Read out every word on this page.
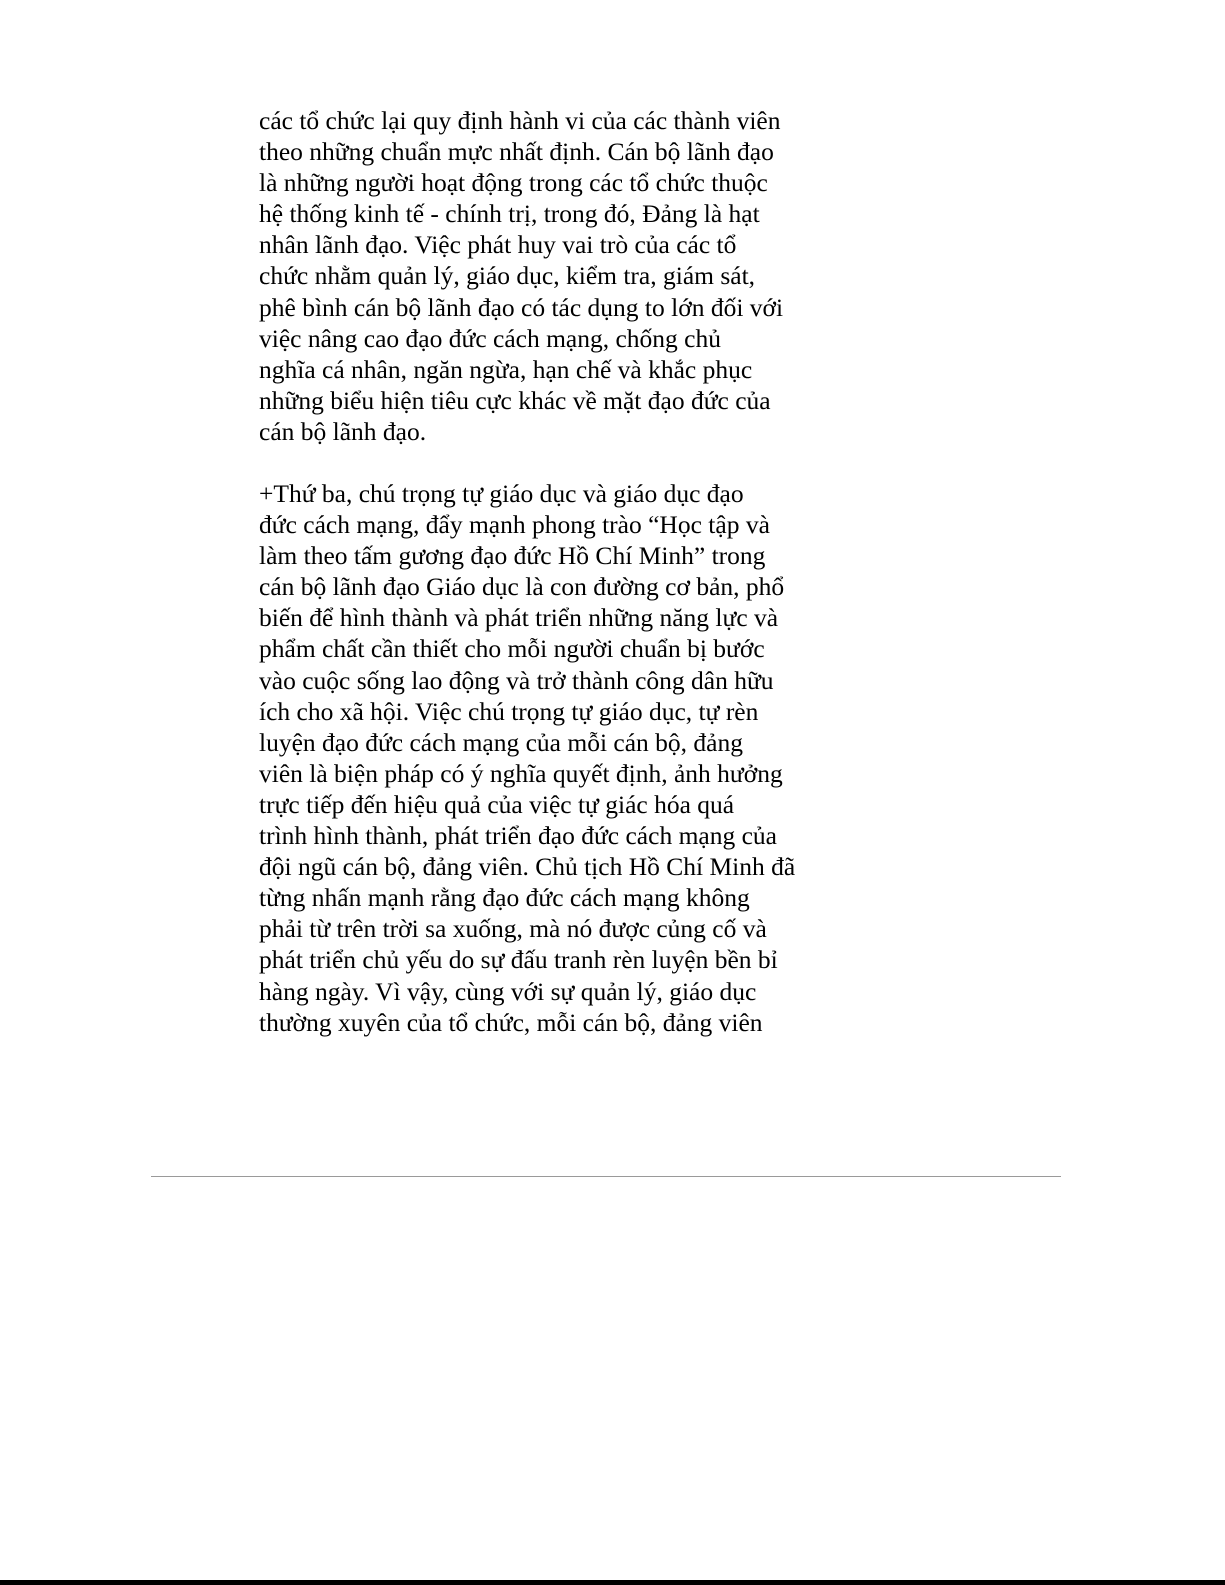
các tổ chức lại quy định hành vi của các thành viên
theo những chuẩn mực nhất định. Cán bộ lãnh đạo
là những người hoạt động trong các tổ chức thuộc
hệ thống kinh tế - chính trị, trong đó, Đảng là hạt
nhân lãnh đạo. Việc phát huy vai trò của các tổ
chức nhằm quản lý, giáo dục, kiểm tra, giám sát,
phê bình cán bộ lãnh đạo có tác dụng to lớn đối với
việc nâng cao đạo đức cách mạng, chống chủ
nghĩa cá nhân, ngăn ngừa, hạn chế và khắc phục
những biểu hiện tiêu cực khác về mặt đạo đức của
cán bộ lãnh đạo.
+Thứ ba, chú trọng tự giáo dục và giáo dục đạo
đức cách mạng, đẩy mạnh phong trào “Học tập và
làm theo tấm gương đạo đức Hồ Chí Minh” trong
cán bộ lãnh đạo Giáo dục là con đường cơ bản, phổ
biến để hình thành và phát triển những năng lực và
phẩm chất cần thiết cho mỗi người chuẩn bị bước
vào cuộc sống lao động và trở thành công dân hữu
ích cho xã hội. Việc chú trọng tự giáo dục, tự rèn
luyện đạo đức cách mạng của mỗi cán bộ, đảng
viên là biện pháp có ý nghĩa quyết định, ảnh hưởng
trực tiếp đến hiệu quả của việc tự giác hóa quá
trình hình thành, phát triển đạo đức cách mạng của
đội ngũ cán bộ, đảng viên. Chủ tịch Hồ Chí Minh đã
từng nhấn mạnh rằng đạo đức cách mạng không
phải từ trên trời sa xuống, mà nó được củng cố và
phát triển chủ yếu do sự đấu tranh rèn luyện bền bỉ
hàng ngày. Vì vậy, cùng với sự quản lý, giáo dục
thường xuyên của tổ chức, mỗi cán bộ, đảng viên
